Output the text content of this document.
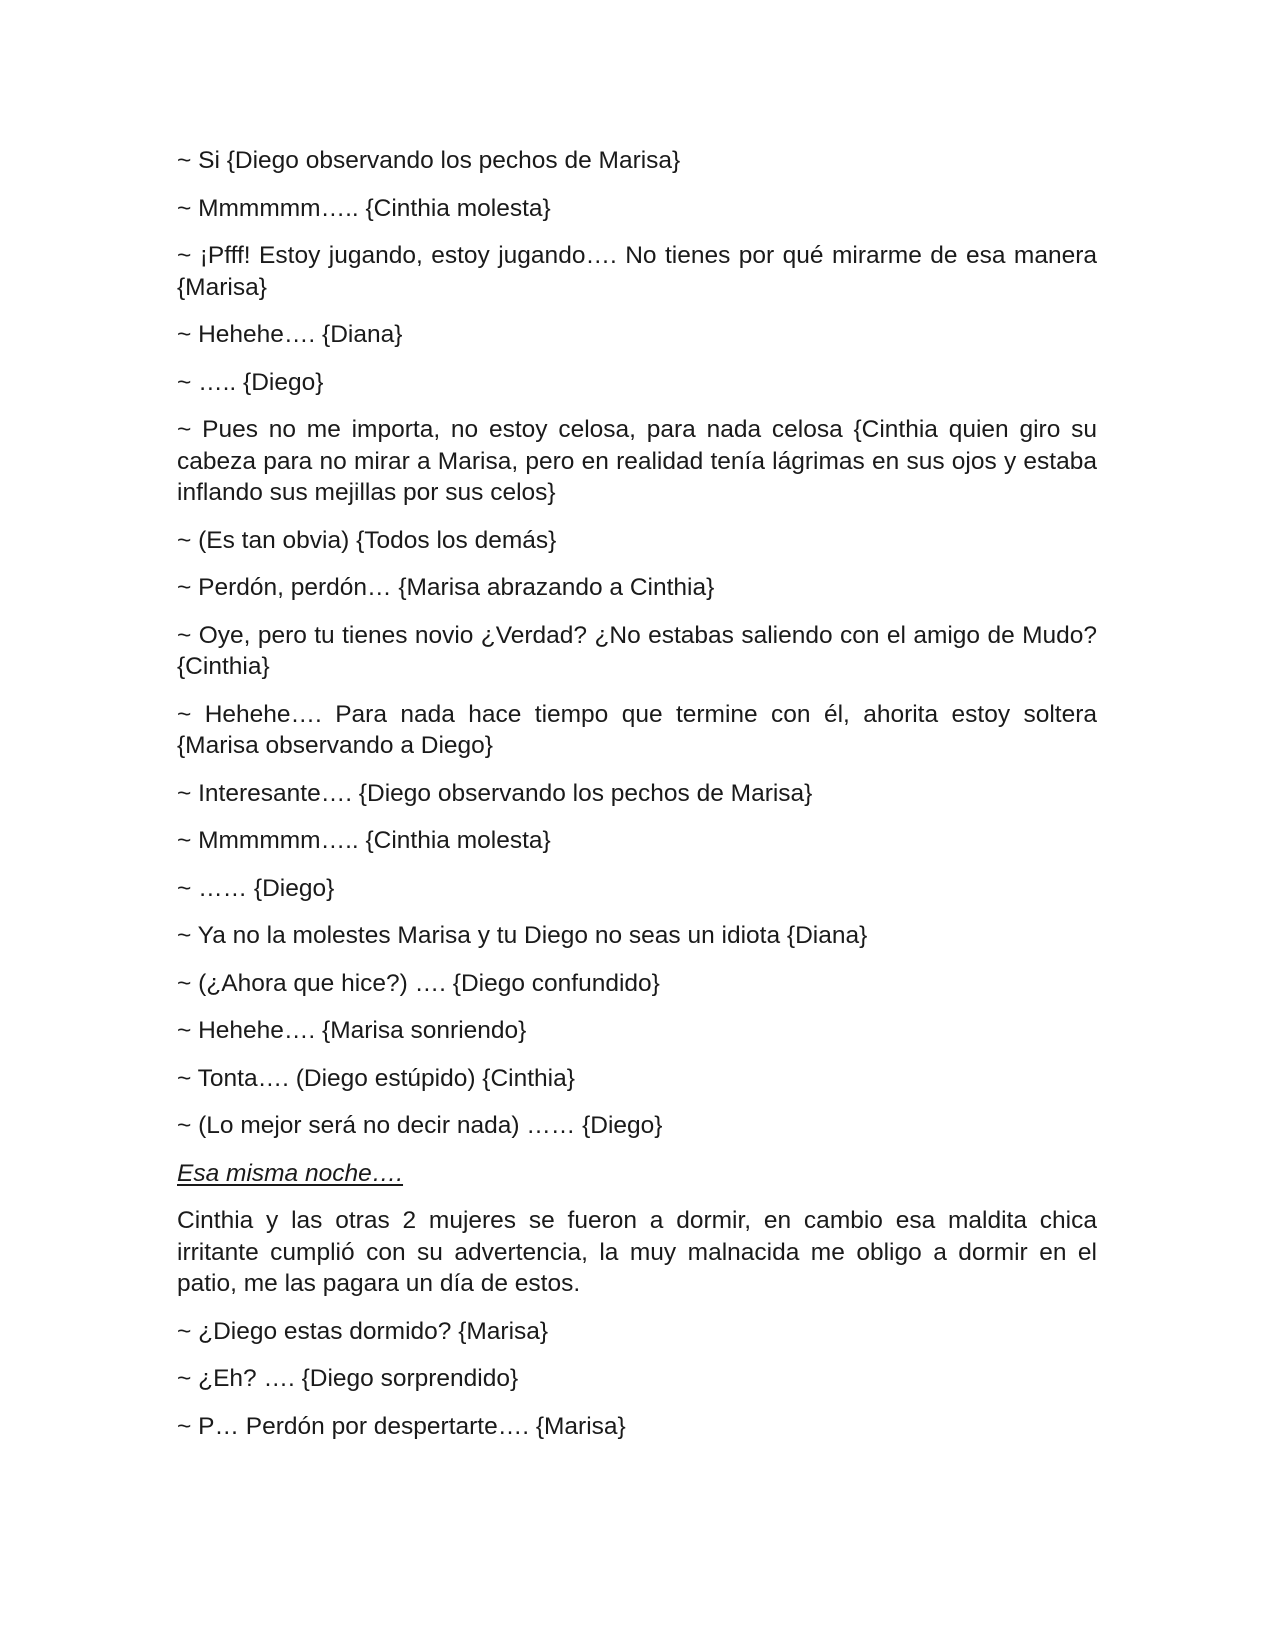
~ Si {Diego observando los pechos de Marisa}

~ Mmmmmm….. {Cinthia molesta}

~ ¡Pfff! Estoy jugando, estoy jugando…. No tienes por qué mirarme de esa manera {Marisa}

~ Hehehe…. {Diana}

~ ….. {Diego}

~ Pues no me importa, no estoy celosa, para nada celosa {Cinthia quien giro su cabeza para no mirar a Marisa, pero en realidad tenía lágrimas en sus ojos y estaba inflando sus mejillas por sus celos}

~ (Es tan obvia) {Todos los demás}

~ Perdón, perdón… {Marisa abrazando a Cinthia}

~ Oye, pero tu tienes novio ¿Verdad? ¿No estabas saliendo con el amigo de Mudo? {Cinthia}

~ Hehehe…. Para nada hace tiempo que termine con él, ahorita estoy soltera {Marisa observando a Diego}

~ Interesante…. {Diego observando los pechos de Marisa}

~ Mmmmmm….. {Cinthia molesta}

~ …… {Diego}

~ Ya no la molestes Marisa y tu Diego no seas un idiota {Diana}

~ (¿Ahora que hice?) …. {Diego confundido}

~ Hehehe…. {Marisa sonriendo}

~ Tonta…. (Diego estúpido) {Cinthia}

~ (Lo mejor será no decir nada) …… {Diego}

Esa misma noche….

Cinthia y las otras 2 mujeres se fueron a dormir, en cambio esa maldita chica irritante cumplió con su advertencia, la muy malnacida me obligo a dormir en el patio, me las pagara un día de estos.

~ ¿Diego estas dormido? {Marisa}

~ ¿Eh? …. {Diego sorprendido}

~ P… Perdón por despertarte…. {Marisa}
